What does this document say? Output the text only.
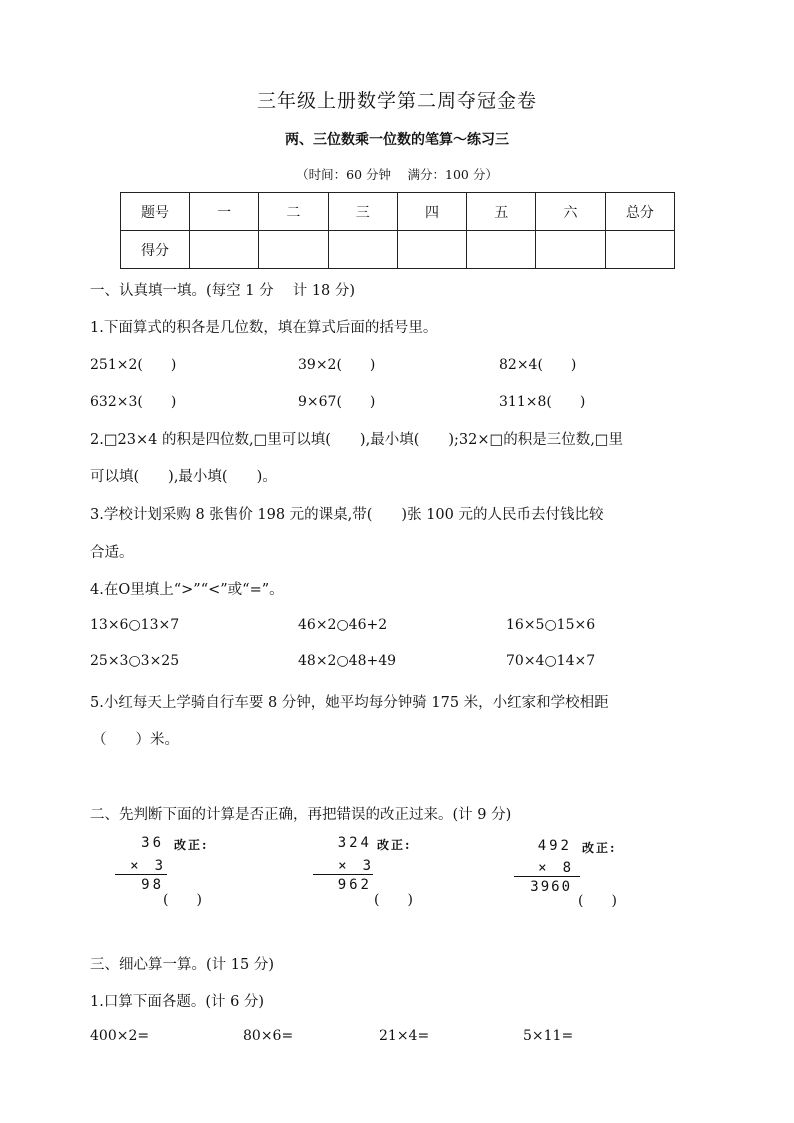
三年级上册数学第二周夺冠金卷
两、三位数乘一位数的笔算～练习三
（时间：60 分钟 　满分：100 分）
题号	一	二	三	四	五	六	总分
得分							
一、认真填一填。(每空 1 分 　计 18 分)
1.下面算式的积各是几位数，填在算式后面的括号里。
251×2(　　)	39×2(　　)	82×4(　　)
632×3(　　)	9×67(　　)	311×8(　　)
2.□23×4 的积是四位数,□里可以填(　　),最小填(　　);32×□的积是三位数,□里
可以填(　　),最小填(　　)。
3.学校计划采购 8 张售价 198 元的课桌,带(　　)张 100 元的人民币去付钱比较
合适。
4.在O里填上“>”“<”或“=”。
13×6○13×7	46×2○46+2	16×5○15×6
25×3○3×25	48×2○48+49	70×4○14×7
5.小红每天上学骑自行车要 8 分钟，她平均每分钟骑 175 米，小红家和学校相距
（　　）米。
二、先判断下面的计算是否正确，再把错误的改正过来。(计 9 分)
36
×　3
98
改正:
(　　)
324
×　3
962
改正:
(　　)
492
×　8
3960
改正:
(　　)
三、细心算一算。(计 15 分)
1.口算下面各题。(计 6 分)
400×2=	80×6=	21×4=	5×11=
